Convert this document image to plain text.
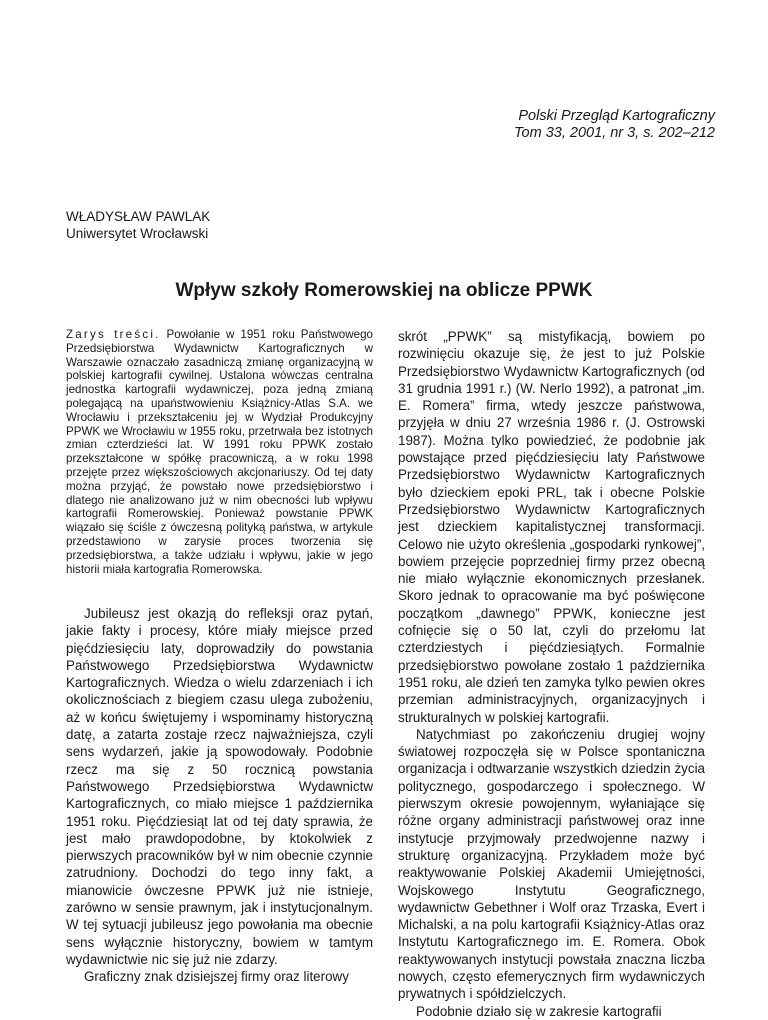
Polski Przegląd Kartograficzny
Tom 33, 2001, nr 3, s. 202–212
WŁADYSŁAW PAWLAK
Uniwersytet Wrocławski
Wpływ szkoły Romerowskiej na oblicze PPWK

Zarys treści. Powołanie w 1951 roku Państwowego Przedsiębiorstwa Wydawnictw Kartograficznych w Warszawie oznaczało zasadniczą zmianę organizacyjną w polskiej kartografii cywilnej. Ustalona wówczas centralna jednostka kartografii wydawniczej, poza jedną zmianą polegającą na upaństwowieniu Książnicy-Atlas S.A. we Wrocławiu i przekształceniu jej w Wydział Produkcyjny PPWK we Wrocławiu w 1955 roku, przetrwała bez istotnych zmian czterdzieści lat. W 1991 roku PPWK zostało przekształcone w spółkę pracowniczą, a w roku 1998 przejęte przez większościowych akcjonariuszy. Od tej daty można przyjąć, że powstało nowe przedsiębiorstwo i dlatego nie analizowano już w nim obecności lub wpływu kartografii Romerowskiej. Ponieważ powstanie PPWK wiązało się ściśle z ówczesną polityką państwa, w artykule przedstawiono w zarysie proces tworzenia się przedsiębiorstwa, a także udziału i wpływu, jakie w jego historii miała kartografia Romerowska.

Jubileusz jest okazją do refleksji oraz pytań, jakie fakty i procesy, które miały miejsce przed pięćdziesięciu laty, doprowadziły do powstania Państwowego Przedsiębiorstwa Wydawnictw Kartograficznych. Wiedza o wielu zdarzeniach i ich okolicznościach z biegiem czasu ulega zubożeniu, aż w końcu świętujemy i wspominamy historyczną datę, a zatarta zostaje rzecz najważniejsza, czyli sens wydarzeń, jakie ją spowodowały. Podobnie rzecz ma się z 50 rocznicą powstania Państwowego Przedsiębiorstwa Wydawnictw Kartograficznych, co miało miejsce 1 października 1951 roku. Pięćdziesiąt lat od tej daty sprawia, że jest mało prawdopodobne, by ktokolwiek z pierwszych pracowników był w nim obecnie czynnie zatrudniony. Dochodzi do tego inny fakt, a mianowicie ówczesne PPWK już nie istnieje, zarówno w sensie prawnym, jak i instytucjonalnym. W tej sytuacji jubileusz jego powołania ma obecnie sens wyłącznie historyczny, bowiem w tamtym wydawnictwie nic się już nie zdarzy.

Graficzny znak dzisiejszej firmy oraz literowy

skrót „PPWK” są mistyfikacją, bowiem po rozwinięciu okazuje się, że jest to już Polskie Przedsiębiorstwo Wydawnictw Kartograficznych (od 31 grudnia 1991 r.) (W. Nerlo 1992), a patronat „im. E. Romera” firma, wtedy jeszcze państwowa, przyjęła w dniu 27 września 1986 r. (J. Ostrowski 1987). Można tylko powiedzieć, że podobnie jak powstające przed pięćdziesięciu laty Państwowe Przedsiębiorstwo Wydawnictw Kartograficznych było dzieckiem epoki PRL, tak i obecne Polskie Przedsiębiorstwo Wydawnictw Kartograficznych jest dzieckiem kapitalistycznej transformacji. Celowo nie użyto określenia „gospodarki rynkowej”, bowiem przejęcie poprzedniej firmy przez obecną nie miało wyłącznie ekonomicznych przesłanek. Skoro jednak to opracowanie ma być poświęcone początkom „dawnego” PPWK, konieczne jest cofnięcie się o 50 lat, czyli do przełomu lat czterdziestych i pięćdziesiątych. Formalnie przedsiębiorstwo powołane zostało 1 października 1951 roku, ale dzień ten zamyka tylko pewien okres przemian administracyjnych, organizacyjnych i strukturalnych w polskiej kartografii.

Natychmiast po zakończeniu drugiej wojny światowej rozpoczęła się w Polsce spontaniczna organizacja i odtwarzanie wszystkich dziedzin życia politycznego, gospodarczego i społecznego. W pierwszym okresie powojennym, wyłaniające się różne organy administracji państwowej oraz inne instytucje przyjmowały przedwojenne nazwy i strukturę organizacyjną. Przykładem może być reaktywowanie Polskiej Akademii Umiejętności, Wojskowego Instytutu Geograficznego, wydawnictw Gebethner i Wolf oraz Trzaska, Evert i Michalski, a na polu kartografii Książnicy-Atlas oraz Instytutu Kartograficznego im. E. Romera. Obok reaktywowanych instytucji powstała znaczna liczba nowych, często efemerycznych firm wydawniczych prywatnych i spółdzielczych.

Podobnie działo się w zakresie kartografii
